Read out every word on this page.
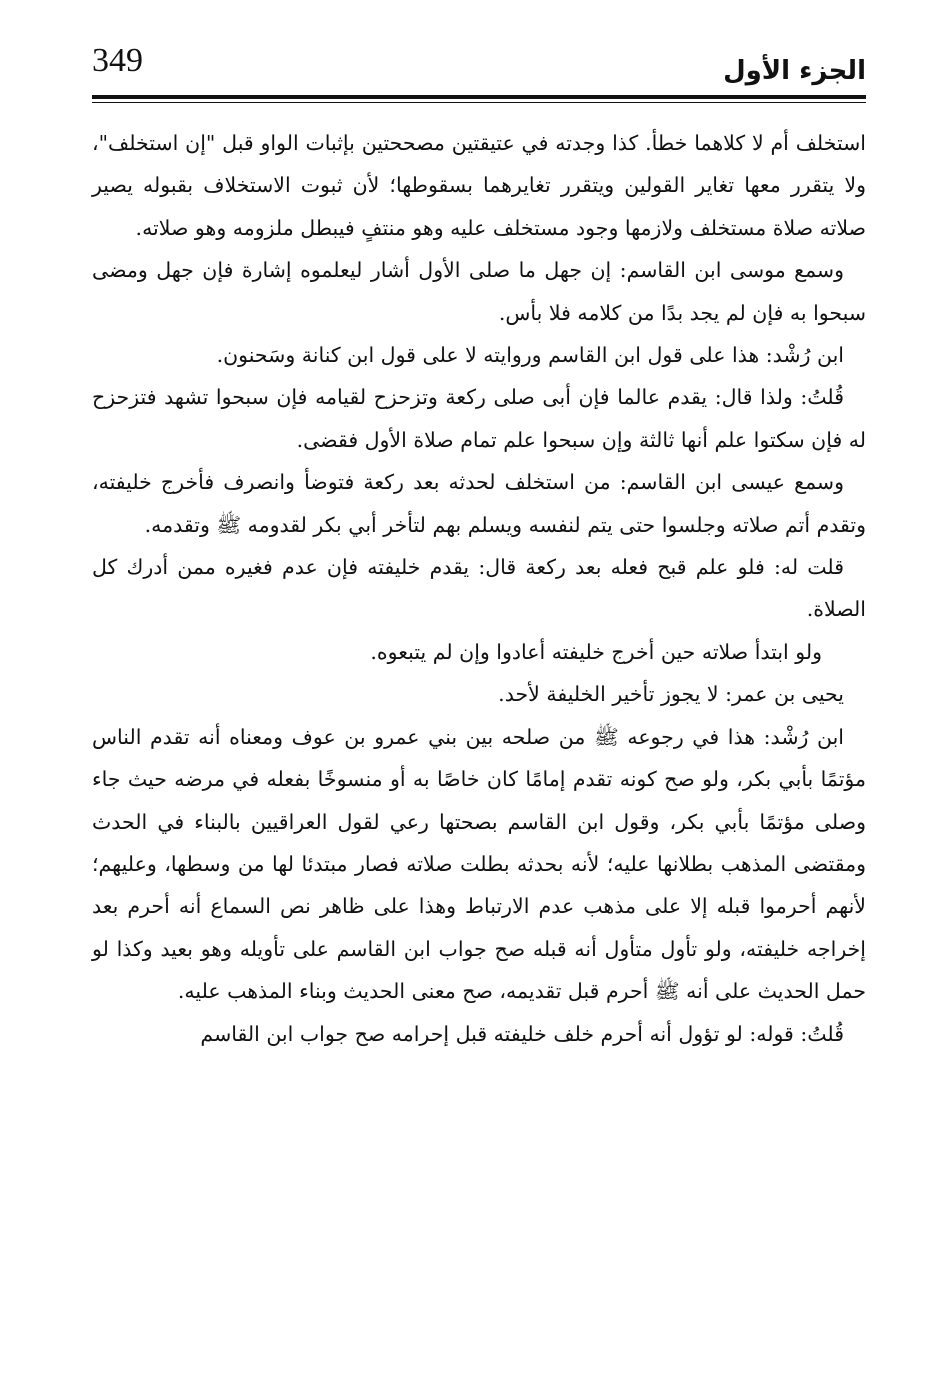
349	الجزء الأول

استخلف أم لا كلاهما خطأ. كذا وجدته في عتيقتين مصححتين بإثبات الواو قبل "إن استخلف"، ولا يتقرر معها تغاير القولين ويتقرر تغايرهما بسقوطها؛ لأن ثبوت الاستخلاف بقبوله يصير صلاته صلاة مستخلف ولازمها وجود مستخلف عليه وهو منتفٍ فيبطل ملزومه وهو صلاته.

وسمع موسى ابن القاسم: إن جهل ما صلى الأول أشار ليعلموه إشارة فإن جهل ومضى سبحوا به فإن لم يجد بدًا من كلامه فلا بأس.

ابن رُشْد: هذا على قول ابن القاسم وروايته لا على قول ابن كنانة وسَحنون.

قُلتُ: ولذا قال: يقدم عالما فإن أبى صلى ركعة وتزحزح لقيامه فإن سبحوا تشهد فتزحزح له فإن سكتوا علم أنها ثالثة وإن سبحوا علم تمام صلاة الأول فقضى.

وسمع عيسى ابن القاسم: من استخلف لحدثه بعد ركعة فتوضأ وانصرف فأخرج خليفته، وتقدم أتم صلاته وجلسوا حتى يتم لنفسه ويسلم بهم لتأخر أبي بكر لقدومه ﷺ وتقدمه.

قلت له: فلو علم قبح فعله بعد ركعة قال: يقدم خليفته فإن عدم فغيره ممن أدرك كل الصلاة.

ولو ابتدأ صلاته حين أخرج خليفته أعادوا وإن لم يتبعوه.

يحيى بن عمر: لا يجوز تأخير الخليفة لأحد.

ابن رُشْد: هذا في رجوعه ﷺ من صلحه بين بني عمرو بن عوف ومعناه أنه تقدم الناس مؤتمًا بأبي بكر، ولو صح كونه تقدم إمامًا كان خاصًا به أو منسوخًا بفعله في مرضه حيث جاء وصلى مؤتمًا بأبي بكر، وقول ابن القاسم بصحتها رعي لقول العراقيين بالبناء في الحدث ومقتضى المذهب بطلانها عليه؛ لأنه بحدثه بطلت صلاته فصار مبتدئا لها من وسطها، وعليهم؛ لأنهم أحرموا قبله إلا على مذهب عدم الارتباط وهذا على ظاهر نص السماع أنه أحرم بعد إخراجه خليفته، ولو تأول متأول أنه قبله صح جواب ابن القاسم على تأويله وهو بعيد وكذا لو حمل الحديث على أنه ﷺ أحرم قبل تقديمه، صح معنى الحديث وبناء المذهب عليه.

قُلتُ: قوله: لو تؤول أنه أحرم خلف خليفته قبل إحرامه صح جواب ابن القاسم
